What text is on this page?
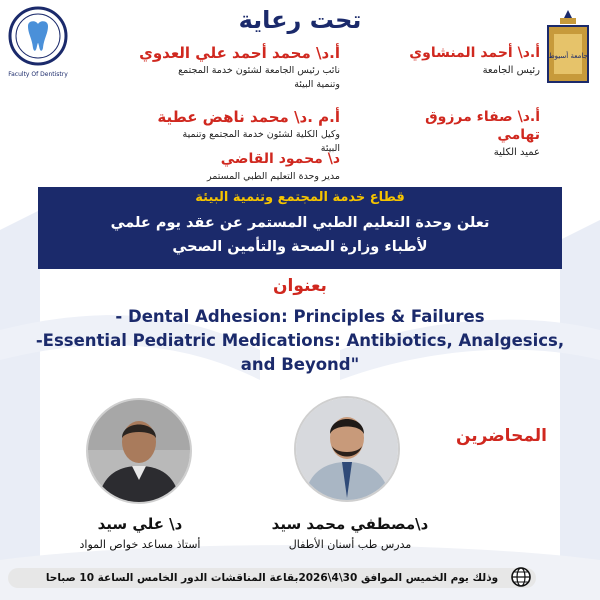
Faculty Of Dentistry
جامعة أسيوط
تحت رعاية
أ.د\ أحمد المنشاوي
رئيس الجامعة
أ.د\ محمد أحمد علي العدوي
نائب رئيس الجامعة لشئون خدمة المجتمع وتنمية البيئة
أ.د\ صفاء مرزوق تهامي
عميد الكلية
أ.م .د\ محمد ناهض عطية
وكيل الكلية لشئون خدمة المجتمع وتنمية البيئة
د\ محمود القاضي
مدير وحدة التعليم الطبي المستمر
قطاع خدمة المجتمع وتنمية البيئة
تعلن وحدة التعليم الطبي المستمر عن عقد يوم علمي
لأطباء وزارة الصحة والتأمين الصحي
بعنوان
- Dental Adhesion: Principles & Failures
-Essential Pediatric Medications: Antibiotics, Analgesics,
and Beyond"
المحاضرين
د\ علي سيد
أستاذ مساعد خواص المواد
د\مصطفي محمد سيد
مدرس طب أسنان الأطفال
وذلك يوم الخميس الموافق 30\4\2026بقاعة المناقشات الدور الخامس الساعة 10 صباحا
